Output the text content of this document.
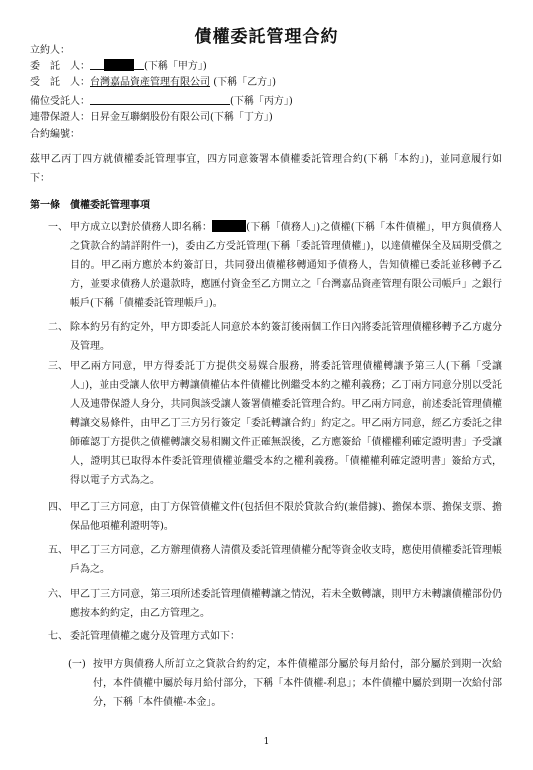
債權委託管理合約
立約人：
委　託　人：	(下稱「甲方」)
受　託　人：台灣嘉品資產管理有限公司 (下稱「乙方」)
備位受託人：	(下稱「丙方」)
連帶保證人：日昇金互聯網股份有限公司(下稱「丁方」)
合約編號：
茲甲乙丙丁四方就債權委託管理事宜，四方同意簽署本債權委託管理合約(下稱「本約」)，並同意履行如下：
第一條　債權委託管理事項
一、 甲方成立以對於債務人即名稱：	(下稱「債務人」)之債權(下稱「本件債權」，甲方與債務人之貸款合約請詳附件一)，委由乙方受託管理(下稱「委託管理債權」)，以達債權保全及屆期受償之目的。甲乙兩方應於本約簽訂日，共同發出債權移轉通知予債務人，告知債權已委託並移轉予乙方，並要求債務人於還款時，應匯付資金至乙方開立之「台灣嘉品資產管理有限公司帳戶」之銀行帳戶(下稱「債權委託管理帳戶」)。
二、 除本約另有約定外，甲方即委託人同意於本約簽訂後兩個工作日內將委託管理債權移轉予乙方處分及管理。
三、 甲乙兩方同意，甲方得委託丁方提供交易媒合服務，將委託管理債權轉讓予第三人(下稱「受讓人」)，並由受讓人依甲方轉讓債權佔本件債權比例繼受本約之權利義務；乙丁兩方同意分別以受託人及連帶保證人身分，共同與該受讓人簽署債權委託管理合約。甲乙兩方同意，前述委託管理債權轉讓交易條件，由甲乙丁三方另行簽定「委託轉讓合約」約定之。甲乙兩方同意，經乙方委託之律師確認丁方提供之債權轉讓交易相關文件正確無誤後，乙方應簽給「債權權利確定證明書」予受讓人，證明其已取得本件委託管理債權並繼受本約之權利義務。「債權權利確定證明書」簽給方式，得以電子方式為之。
四、 甲乙丁三方同意，由丁方保管債權文件(包括但不限於貸款合約(兼借據)、擔保本票、擔保支票、擔保品他項權利證明等)。
五、 甲乙丁三方同意，乙方辦理債務人清償及委託管理債權分配等資金收支時，應使用債權委託管理帳戶為之。
六、 甲乙丁三方同意，第三項所述委託管理債權轉讓之情況，若未全數轉讓，則甲方未轉讓債權部份仍應按本約約定，由乙方管理之。
七、 委託管理債權之處分及管理方式如下：
(一) 按甲方與債務人所訂立之貸款合約約定，本件債權部分屬於每月給付，部分屬於到期一次給付，本件債權中屬於每月給付部分，下稱「本件債權-利息」；本件債權中屬於到期一次給付部分，下稱「本件債權-本金」。
1
